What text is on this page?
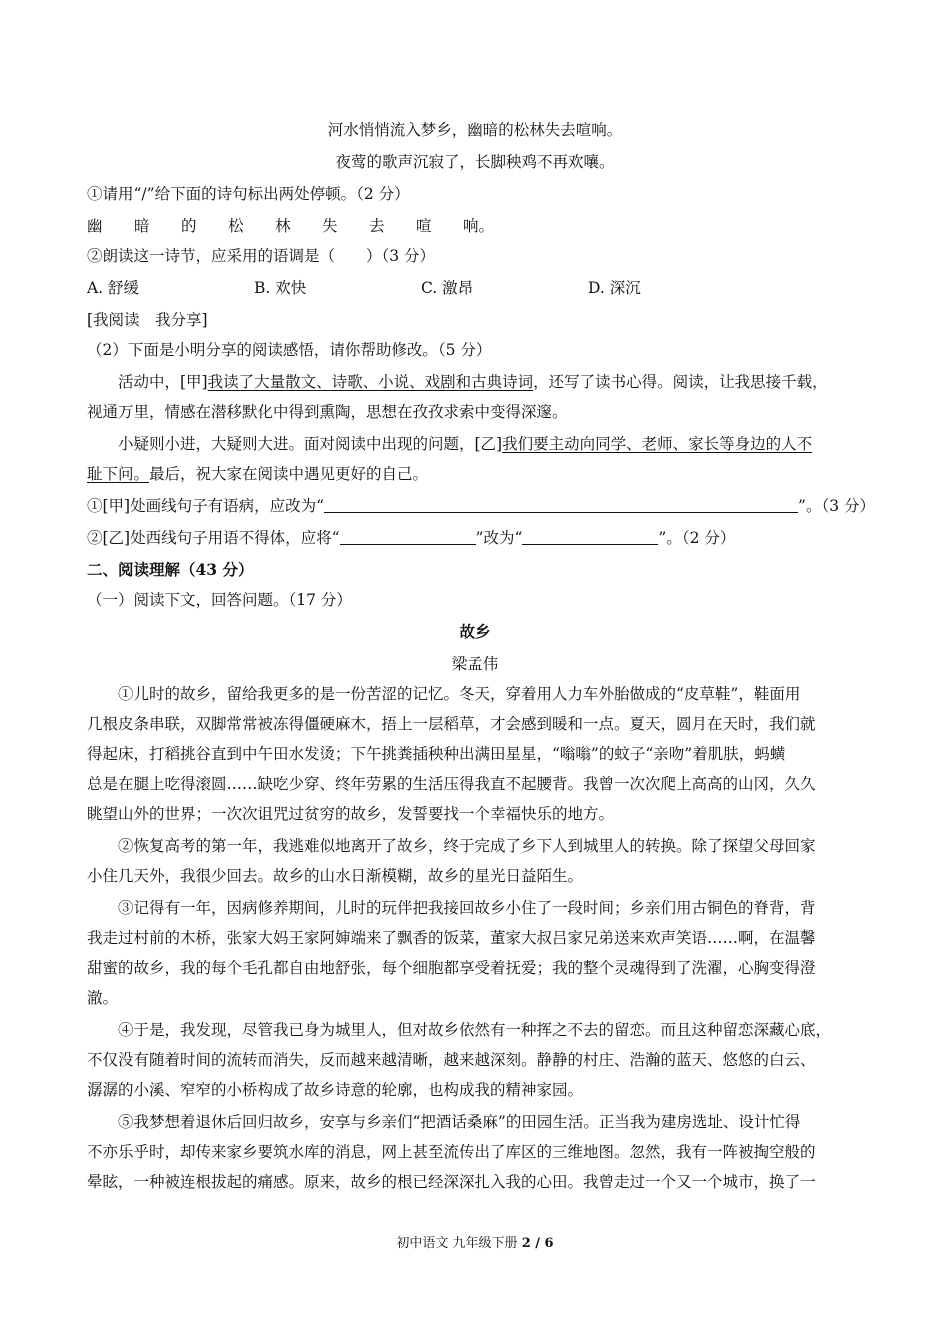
河水悄悄流入梦乡，幽暗的松林失去喧响。
夜莺的歌声沉寂了，长脚秧鸡不再欢嚷。
①请用“/”给下面的诗句标出两处停顿。（2 分）
幽 暗 的 松 林 失 去 喧 响。
②朗读这一诗节，应采用的语调是（　　）（3 分）
A. 舒缓	B. 欢快	C. 激昂	D. 深沉
[我阅读　我分享]
（2）下面是小明分享的阅读感悟，请你帮助修改。（5 分）
活动中，[甲]我读了大量散文、诗歌、小说、戏剧和古典诗词，还写了读书心得。阅读，让我思接千载，
视通万里，情感在潜移默化中得到熏陶，思想在孜孜求索中变得深邃。
小疑则小进，大疑则大进。面对阅读中出现的问题，[乙]我们要主动向同学、老师、家长等身边的人不
耻下问。最后，祝大家在阅读中遇见更好的自己。
①[甲]处画线句子有语病，应改为“	”。（3 分）
②[乙]处西线句子用语不得体，应将“	”改为“	”。（2 分）
二、阅读理解（43 分）
（一）阅读下文，回答问题。（17 分）
故乡
梁孟伟
①儿时的故乡，留给我更多的是一份苦涩的记忆。冬天，穿着用人力车外胎做成的“皮草鞋”，鞋面用
几根皮条串联，双脚常常被冻得僵硬麻木，捂上一层稻草，才会感到暖和一点。夏天，圆月在天时，我们就
得起床，打稻挑谷直到中午田水发烫；下午挑粪插秧种出满田星星，“嗡嗡”的蚊子“亲吻”着肌肤，蚂蟥
总是在腿上吃得滚圆……缺吃少穿、终年劳累的生活压得我直不起腰背。我曾一次次爬上高高的山冈，久久
眺望山外的世界；一次次诅咒过贫穷的故乡，发誓要找一个幸福快乐的地方。
②恢复高考的第一年，我逃难似地离开了故乡，终于完成了乡下人到城里人的转换。除了探望父母回家
小住几天外，我很少回去。故乡的山水日渐模糊，故乡的星光日益陌生。
③记得有一年，因病修养期间，儿时的玩伴把我接回故乡小住了一段时间；乡亲们用古铜色的脊背，背
我走过村前的木桥，张家大妈王家阿婶端来了飘香的饭菜，董家大叔吕家兄弟送来欢声笑语……啊，在温馨
甜蜜的故乡，我的每个毛孔都自由地舒张，每个细胞都享受着抚爱；我的整个灵魂得到了洗濯，心胸变得澄
澈。
④于是，我发现，尽管我已身为城里人，但对故乡依然有一种挥之不去的留恋。而且这种留恋深藏心底，
不仅没有随着时间的流转而消失，反而越来越清晰，越来越深刻。静静的村庄、浩瀚的蓝天、悠悠的白云、
潺潺的小溪、窄窄的小桥构成了故乡诗意的轮廓，也构成我的精神家园。
⑤我梦想着退休后回归故乡，安享与乡亲们“把酒话桑麻”的田园生活。正当我为建房选址、设计忙得
不亦乐乎时，却传来家乡要筑水库的消息，网上甚至流传出了库区的三维地图。忽然，我有一阵被掏空般的
晕眩，一种被连根拔起的痛感。原来，故乡的根已经深深扎入我的心田。我曾走过一个又一个城市，换了一
初中语文 九年级下册 2 / 6
